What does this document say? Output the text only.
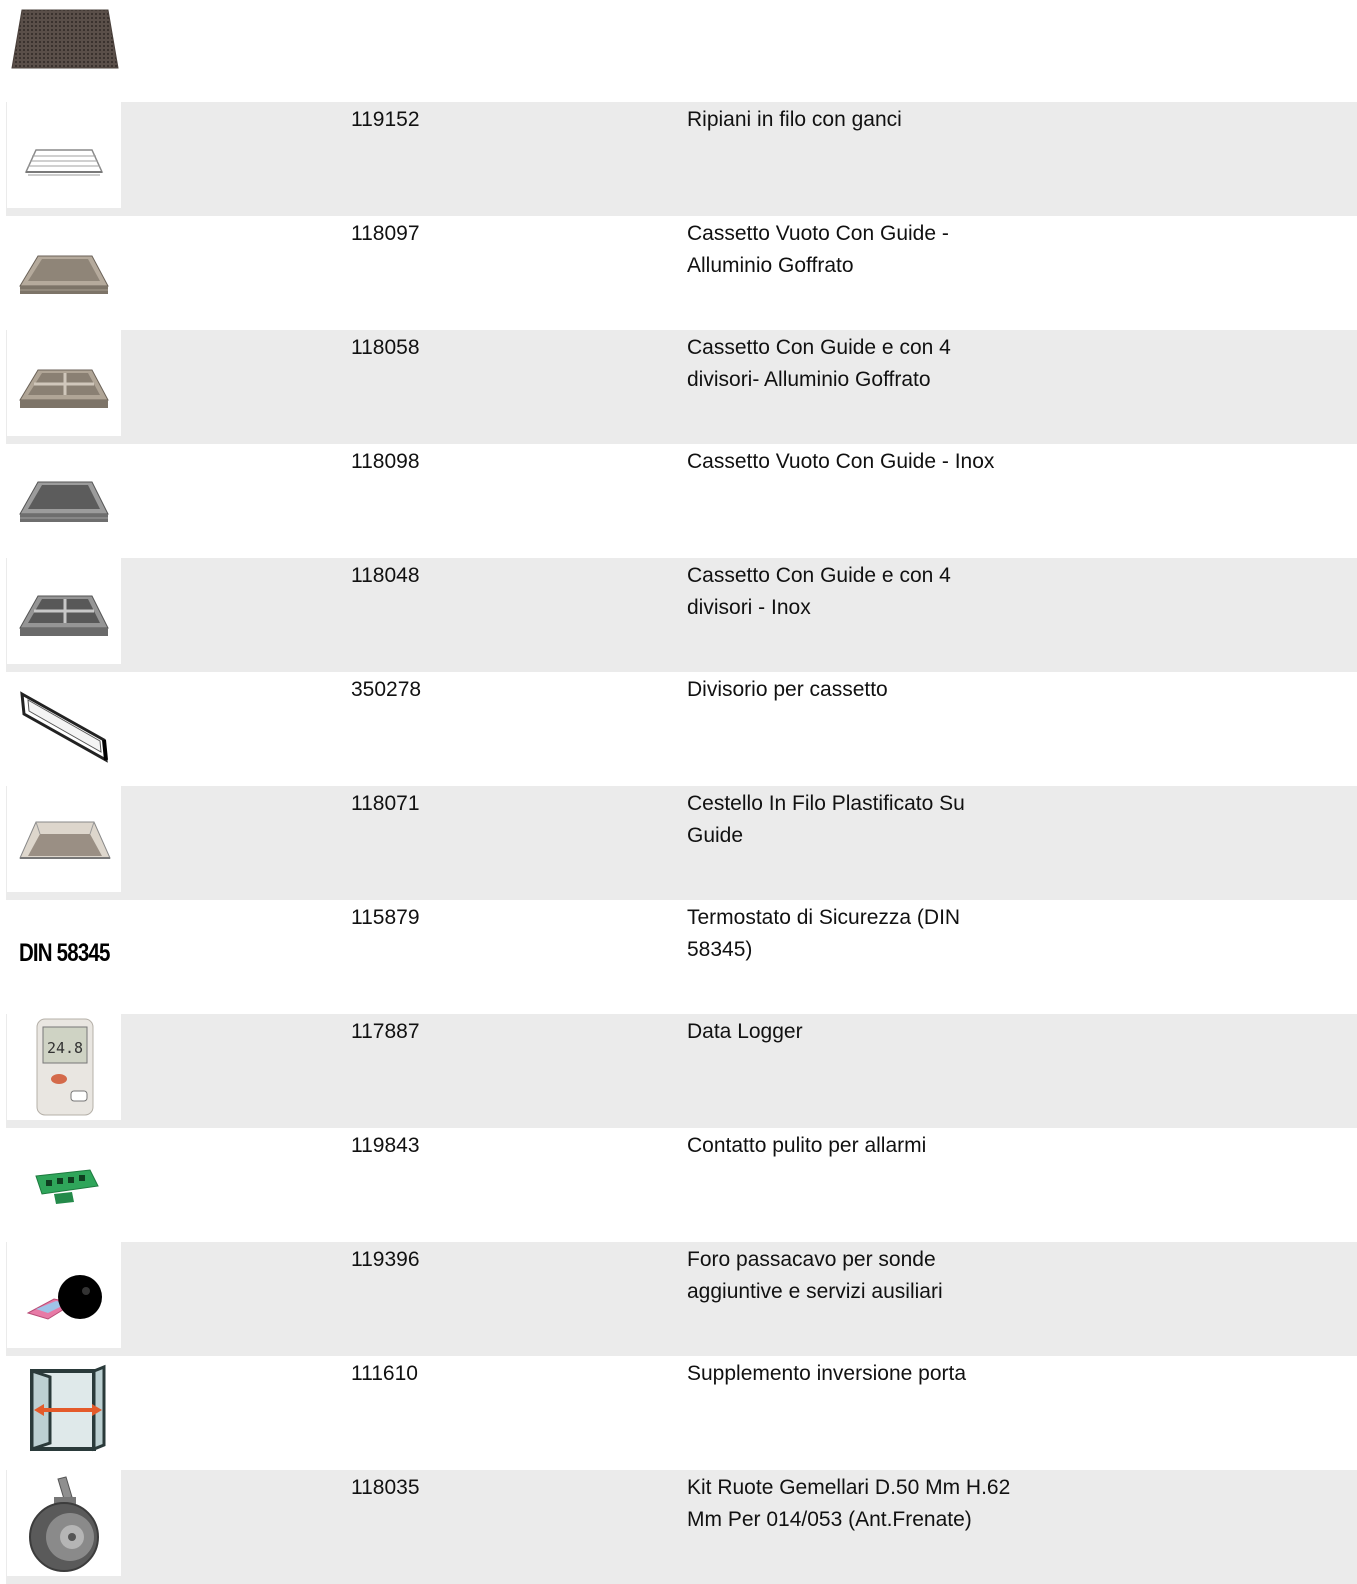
119152	Ripiani in filo con ganci
118097	Cassetto Vuoto Con Guide - Alluminio Goffrato
118058	Cassetto Con Guide e con 4 divisori- Alluminio Goffrato
118098	Cassetto Vuoto Con Guide - Inox
118048	Cassetto Con Guide e con 4 divisori - Inox
350278	Divisorio per cassetto
118071	Cestello In Filo Plastificato Su Guide
DIN 58345
115879	Termostato di Sicurezza (DIN 58345)
24.8
117887	Data Logger
119843	Contatto pulito per allarmi
119396	Foro passacavo per sonde aggiuntive e servizi ausiliari
111610	Supplemento inversione porta
118035	Kit Ruote Gemellari D.50 Mm H.62 Mm Per 014/053 (Ant.Frenate)
